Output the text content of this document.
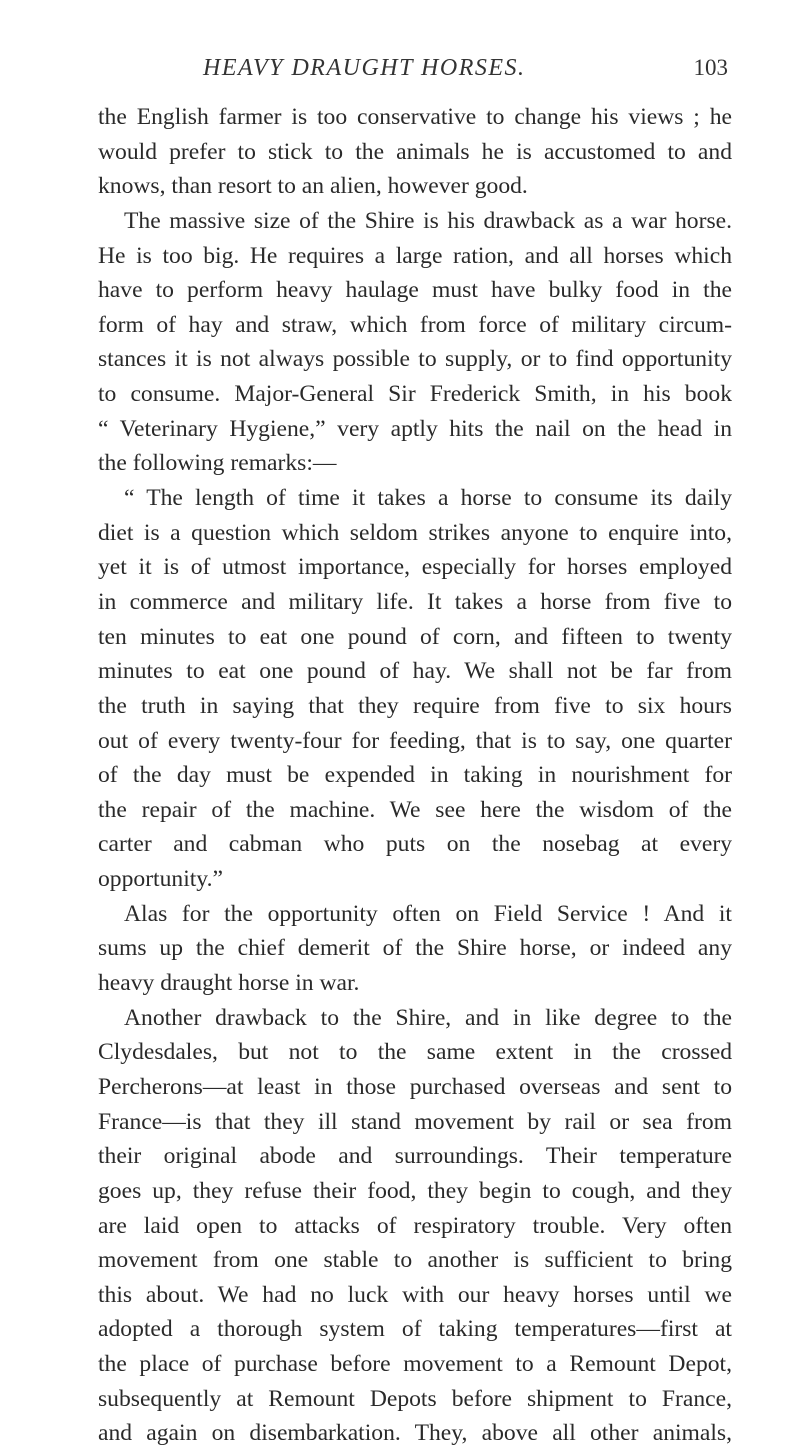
HEAVY DRAUGHT HORSES.	103
the English farmer is too conservative to change his views ; he
would prefer to stick to the animals he is accustomed to and
knows, than resort to an alien, however good.
The massive size of the Shire is his drawback as a war horse.
He is too big. He requires a large ration, and all horses which
have to perform heavy haulage must have bulky food in the
form of hay and straw, which from force of military circum-
stances it is not always possible to supply, or to find opportunity
to consume. Major-General Sir Frederick Smith, in his book
“ Veterinary Hygiene,” very aptly hits the nail on the head in
the following remarks:—
“ The length of time it takes a horse to consume its daily
diet is a question which seldom strikes anyone to enquire into,
yet it is of utmost importance, especially for horses employed
in commerce and military life. It takes a horse from five to
ten minutes to eat one pound of corn, and fifteen to twenty
minutes to eat one pound of hay. We shall not be far from
the truth in saying that they require from five to six hours
out of every twenty-four for feeding, that is to say, one quarter
of the day must be expended in taking in nourishment for
the repair of the machine. We see here the wisdom of the
carter and cabman who puts on the nosebag at every
opportunity.”
Alas for the opportunity often on Field Service ! And it
sums up the chief demerit of the Shire horse, or indeed any
heavy draught horse in war.
Another drawback to the Shire, and in like degree to the
Clydesdales, but not to the same extent in the crossed
Percherons—at least in those purchased overseas and sent to
France—is that they ill stand movement by rail or sea from
their original abode and surroundings. Their temperature
goes up, they refuse their food, they begin to cough, and they
are laid open to attacks of respiratory trouble. Very often
movement from one stable to another is sufficient to bring
this about. We had no luck with our heavy horses until we
adopted a thorough system of taking temperatures—first at
the place of purchase before movement to a Remount Depot,
subsequently at Remount Depots before shipment to France,
and again on disembarkation. They, above all other animals,
